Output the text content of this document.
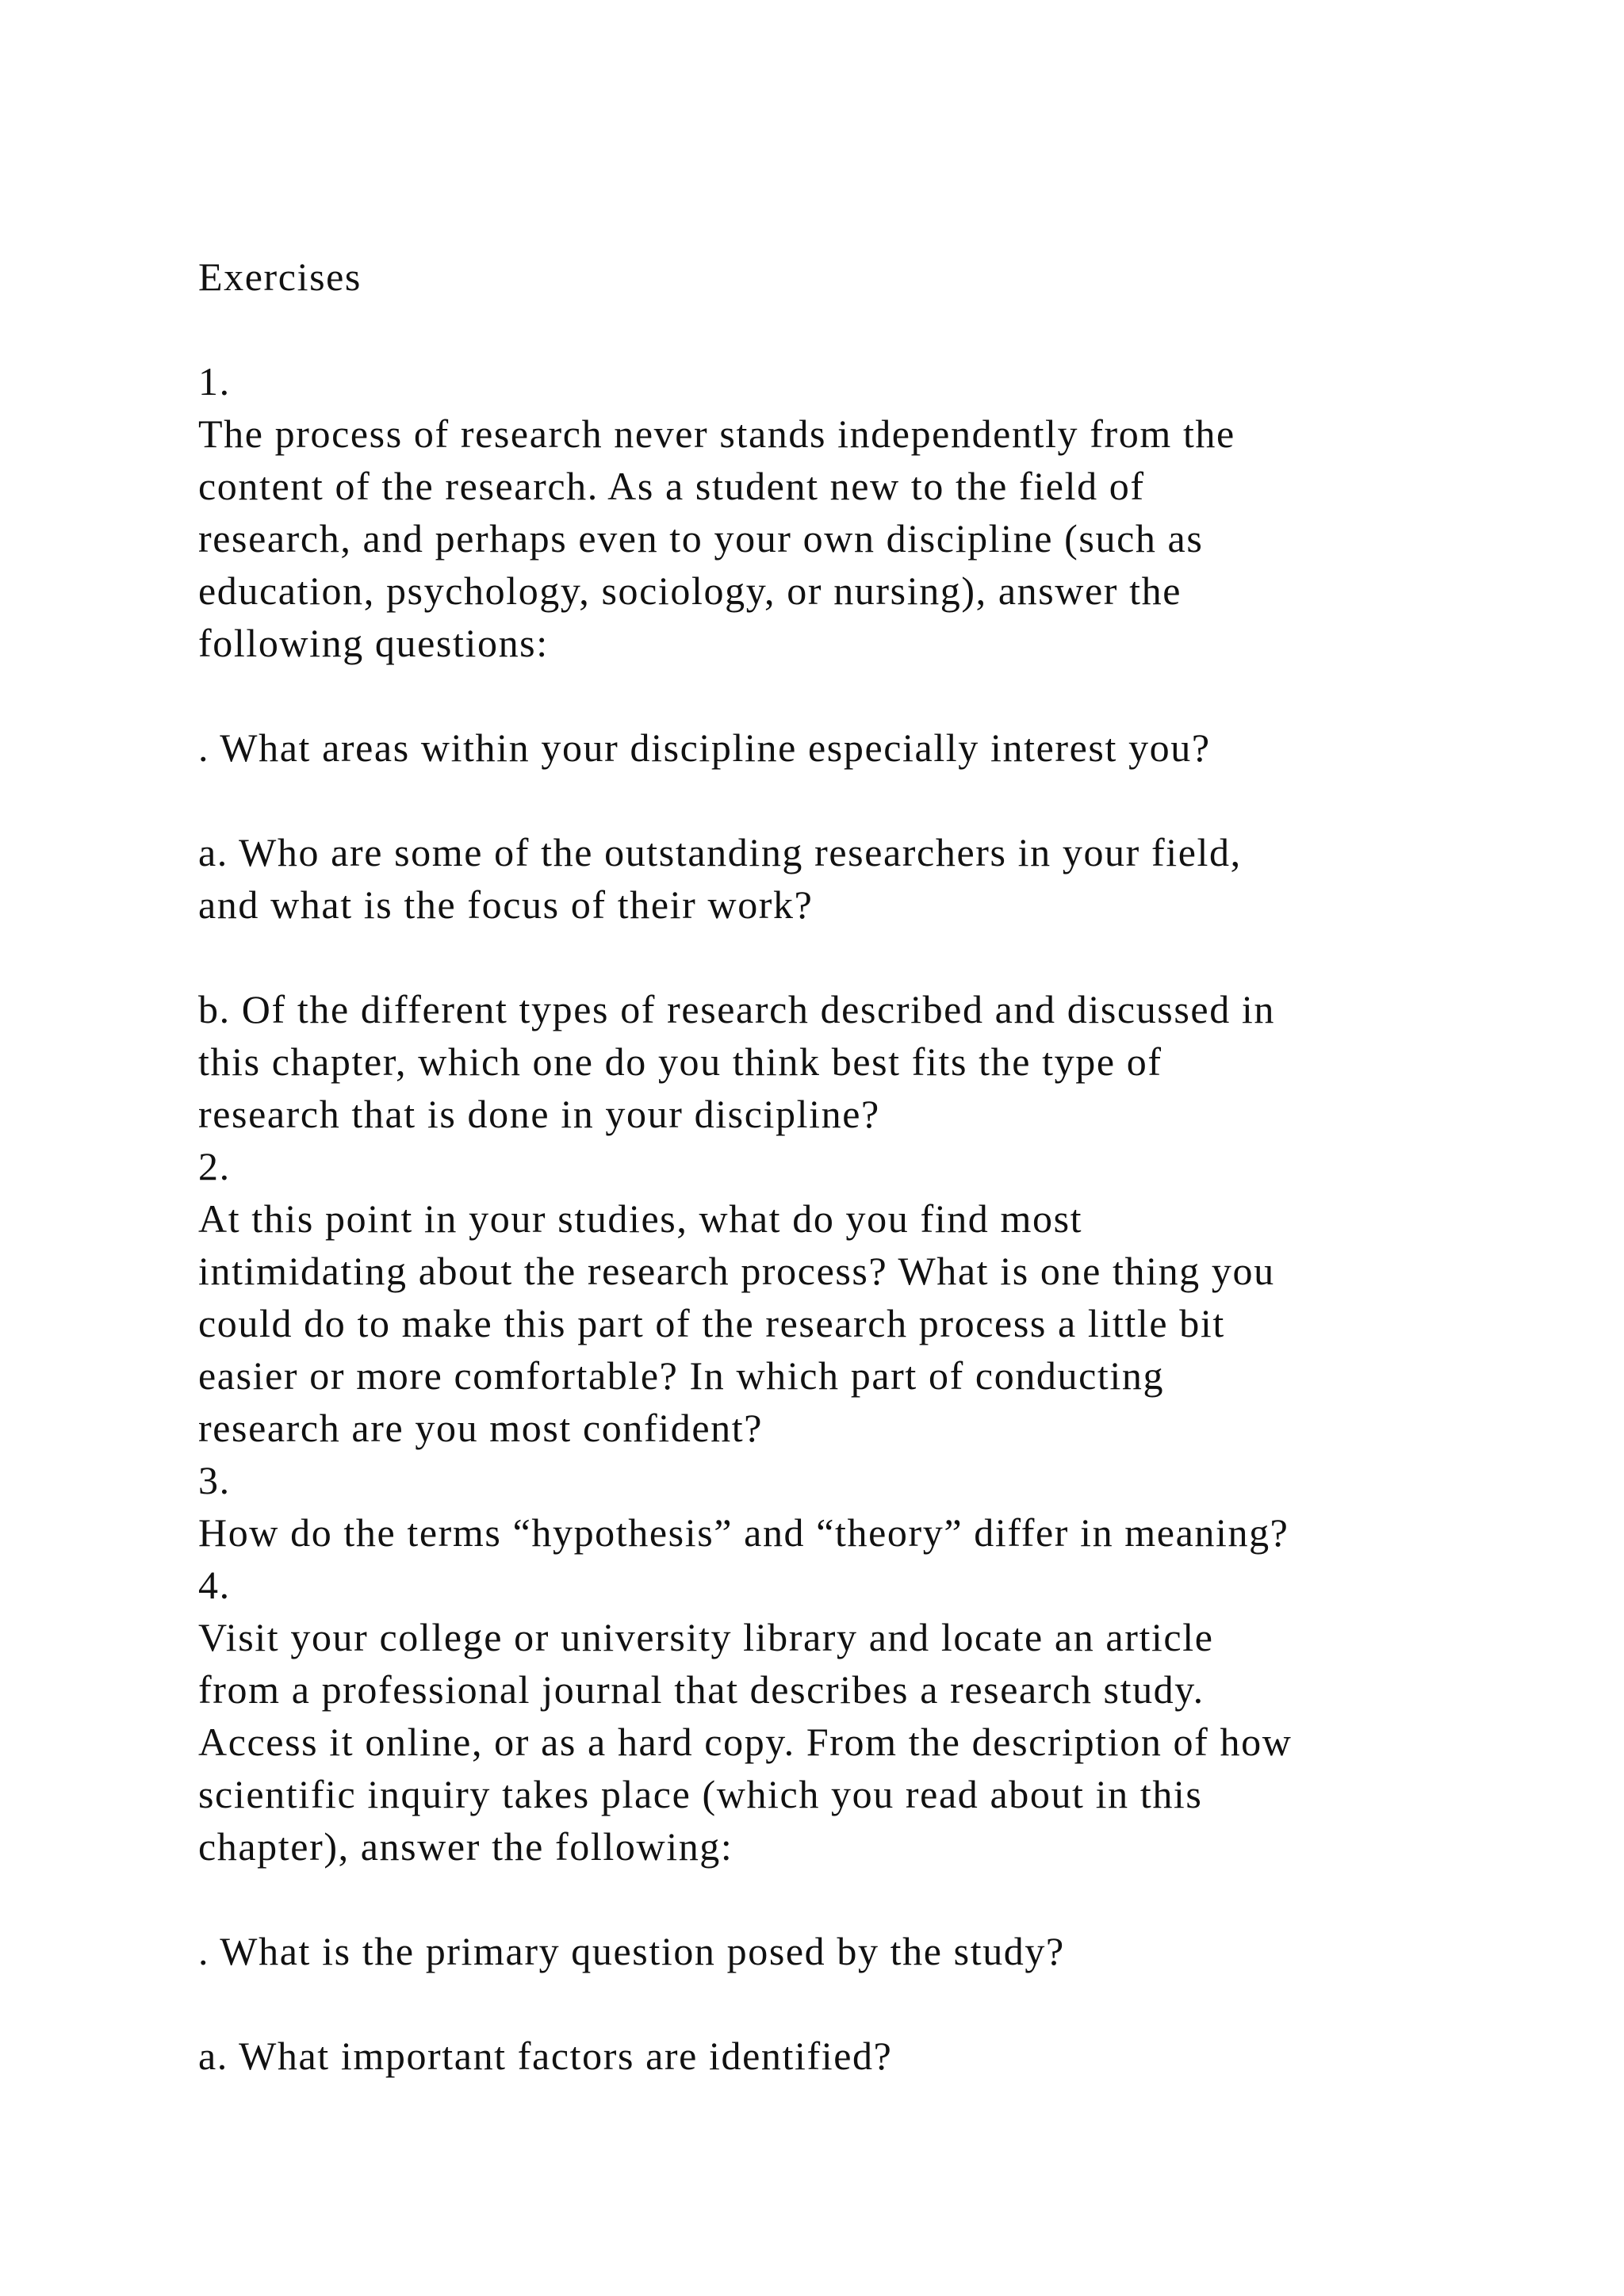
Exercises
1.
The process of research never stands independently from the
content of the research. As a student new to the field of
research, and perhaps even to your own discipline (such as
education, psychology, sociology, or nursing), answer the
following questions:
. What areas within your discipline especially interest you?
a. Who are some of the outstanding researchers in your field,
and what is the focus of their work?
b. Of the different types of research described and discussed in
this chapter, which one do you think best fits the type of
research that is done in your discipline?
2.
At this point in your studies, what do you find most
intimidating about the research process? What is one thing you
could do to make this part of the research process a little bit
easier or more comfortable? In which part of conducting
research are you most confident?
3.
How do the terms “hypothesis” and “theory” differ in meaning?
4.
Visit your college or university library and locate an article
from a professional journal that describes a research study.
Access it online, or as a hard copy. From the description of how
scientific inquiry takes place (which you read about in this
chapter), answer the following:
. What is the primary question posed by the study?
a. What important factors are identified?
